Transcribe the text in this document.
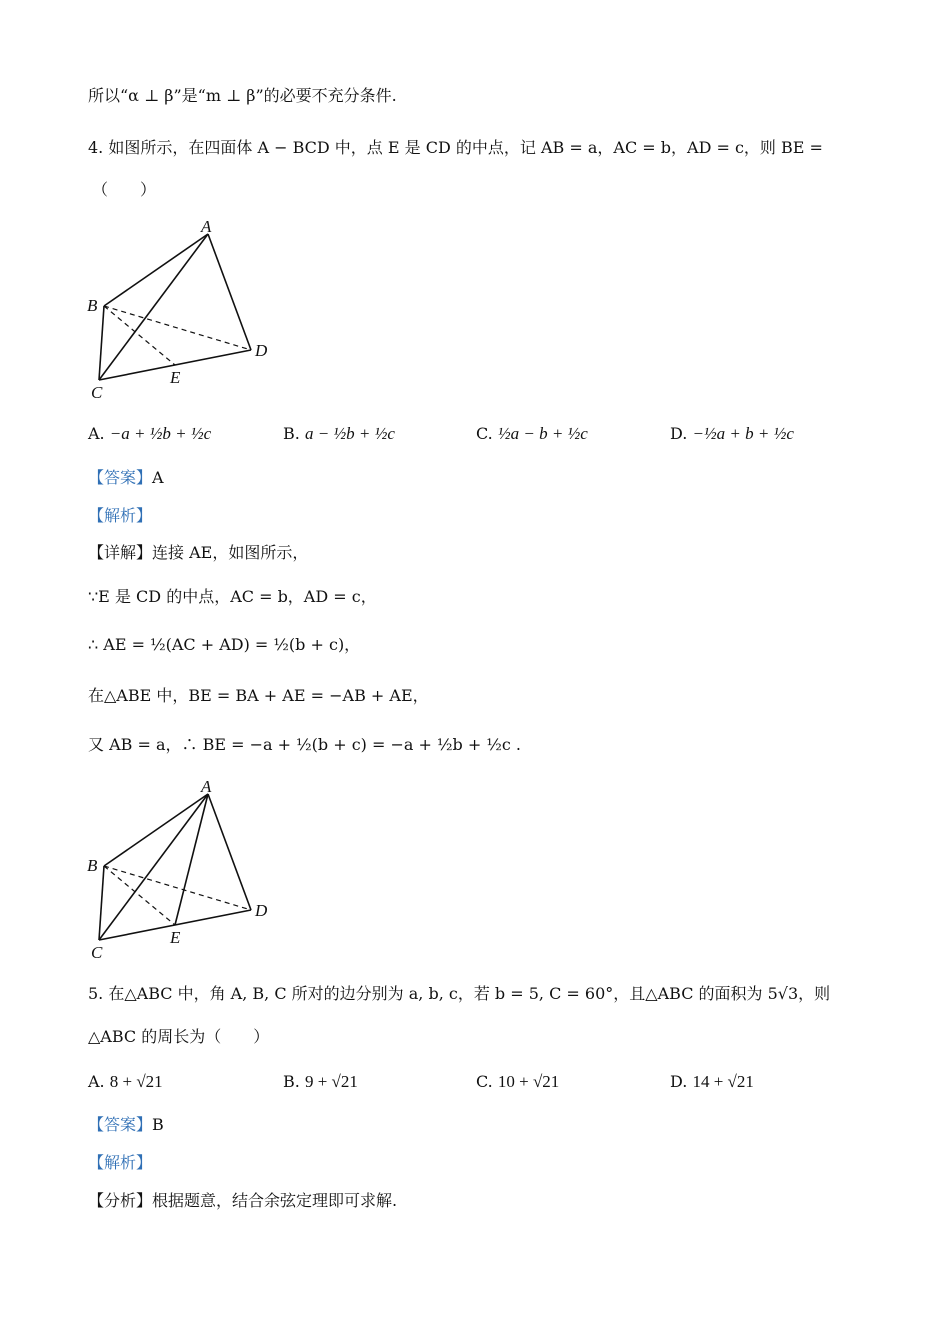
所以“α ⊥ β”是“m ⊥ β”的必要不充分条件.
4. 如图所示，在四面体 A − BCD 中，点 E 是 CD 的中点，记 AB = a，AC = b，AD = c，则 BE =
（　　）
A
B
C
D
E
A. −a + ½b + ½c	B. a − ½b + ½c	C. ½a − b + ½c	D. −½a + b + ½c
【答案】A
【解析】
【详解】连接 AE，如图所示，
∵E 是 CD 的中点，AC = b，AD = c，
∴ AE = ½(AC + AD) = ½(b + c)，
在△ABE 中，BE = BA + AE = −AB + AE，
又 AB = a，∴ BE = −a + ½(b + c) = −a + ½b + ½c .
A
B
C
D
E
5. 在△ABC 中，角 A, B, C 所对的边分别为 a, b, c，若 b = 5, C = 60°，且△ABC 的面积为 5√3，则
△ABC 的周长为（　　）
A. 8 + √21	B. 9 + √21	C. 10 + √21	D. 14 + √21
【答案】B
【解析】
【分析】根据题意，结合余弦定理即可求解.
